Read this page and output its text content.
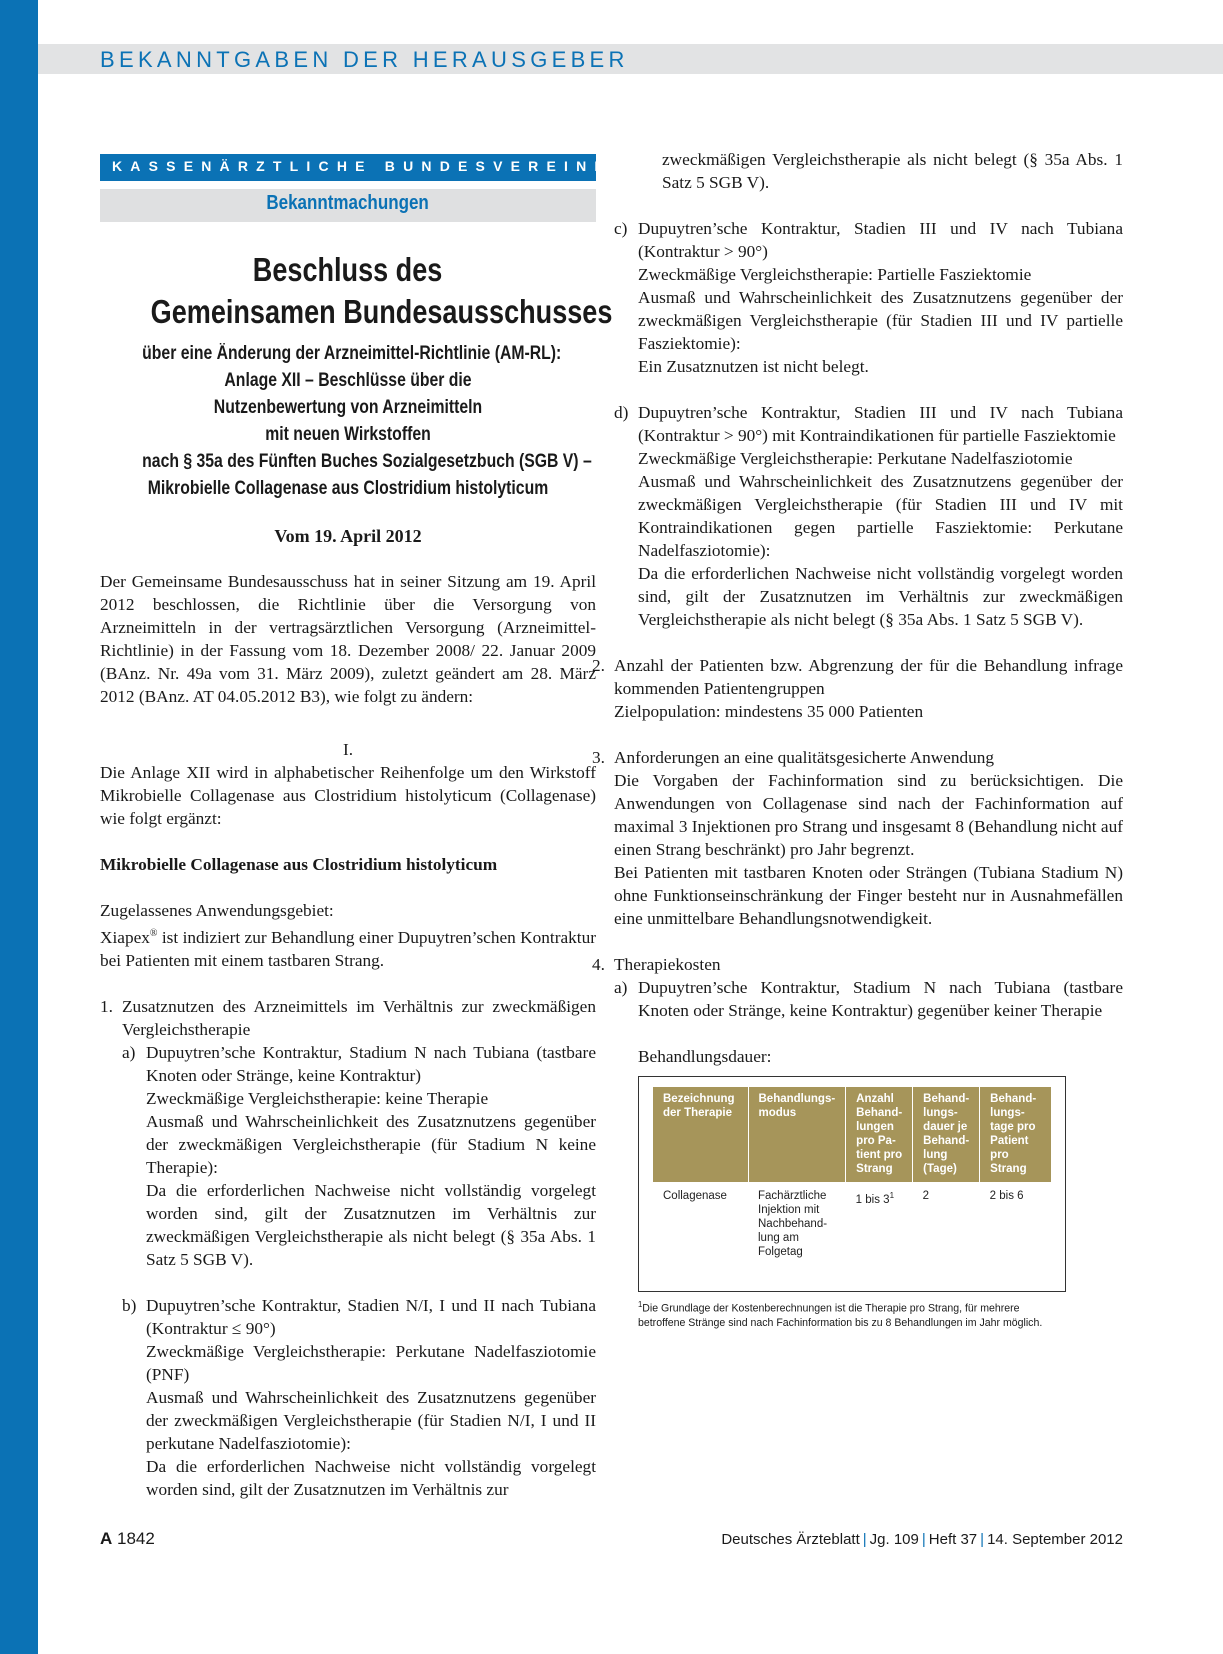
BEKANNTGABEN DER HERAUSGEBER
KASSENÄRZTLICHE BUNDESVEREINIGUNG
Bekanntmachungen
Beschluss des
Gemeinsamen Bundesausschusses
über eine Änderung der Arzneimittel-Richtlinie (AM-RL):
Anlage XII – Beschlüsse über die
Nutzenbewertung von Arzneimitteln
mit neuen Wirkstoffen
nach § 35a des Fünften Buches Sozialgesetzbuch (SGB V) –
Mikrobielle Collagenase aus Clostridium histolyticum
Vom 19. April 2012

Der Gemeinsame Bundesausschuss hat in seiner Sitzung am 19. April 2012 beschlossen, die Richtlinie über die Versorgung von Arzneimitteln in der vertragsärztlichen Versorgung (Arzneimittel-Richtlinie) in der Fassung vom 18. Dezember 2008/ 22. Januar 2009 (BAnz. Nr. 49a vom 31. März 2009), zuletzt geändert am 28. März 2012 (BAnz. AT 04.05.2012 B3), wie folgt zu ändern:

I.

Die Anlage XII wird in alphabetischer Reihenfolge um den Wirkstoff Mikrobielle Collagenase aus Clostridium histolyticum (Collagenase) wie folgt ergänzt:

Mikrobielle Collagenase aus Clostridium histolyticum

Zugelassenes Anwendungsgebiet:

Xiapex® ist indiziert zur Behandlung einer Dupuytren’schen Kontraktur bei Patienten mit einem tastbaren Strang.

1. Zusatznutzen des Arzneimittels im Verhältnis zur zweckmäßigen Vergleichstherapie
a) Dupuytren’sche Kontraktur, Stadium N nach Tubiana (tastbare Knoten oder Stränge, keine Kontraktur)
Zweckmäßige Vergleichstherapie: keine Therapie
Ausmaß und Wahrscheinlichkeit des Zusatznutzens gegenüber der zweckmäßigen Vergleichstherapie (für Stadium N keine Therapie):
Da die erforderlichen Nachweise nicht vollständig vorgelegt worden sind, gilt der Zusatznutzen im Verhältnis zur zweckmäßigen Vergleichstherapie als nicht belegt (§ 35a Abs. 1 Satz 5 SGB V).
b) Dupuytren’sche Kontraktur, Stadien N/I, I und II nach Tubiana (Kontraktur ≤ 90°)
Zweckmäßige Vergleichstherapie: Perkutane Nadelfasziotomie (PNF)
Ausmaß und Wahrscheinlichkeit des Zusatznutzens gegenüber der zweckmäßigen Vergleichstherapie (für Stadien N/I, I und II perkutane Nadelfasziotomie):
Da die erforderlichen Nachweise nicht vollständig vorgelegt worden sind, gilt der Zusatznutzen im Verhältnis zur
zweckmäßigen Vergleichstherapie als nicht belegt (§ 35a Abs. 1 Satz 5 SGB V).
c) Dupuytren’sche Kontraktur, Stadien III und IV nach Tubiana (Kontraktur > 90°)
Zweckmäßige Vergleichstherapie: Partielle Fasziektomie
Ausmaß und Wahrscheinlichkeit des Zusatznutzens gegenüber der zweckmäßigen Vergleichstherapie (für Stadien III und IV partielle Fasziektomie):
Ein Zusatznutzen ist nicht belegt.
d) Dupuytren’sche Kontraktur, Stadien III und IV nach Tubiana (Kontraktur > 90°) mit Kontraindikationen für partielle Fasziektomie
Zweckmäßige Vergleichstherapie: Perkutane Nadelfasziotomie
Ausmaß und Wahrscheinlichkeit des Zusatznutzens gegenüber der zweckmäßigen Vergleichstherapie (für Stadien III und IV mit Kontraindikationen gegen partielle Fasziektomie: Perkutane Nadelfasziotomie):
Da die erforderlichen Nachweise nicht vollständig vorgelegt worden sind, gilt der Zusatznutzen im Verhältnis zur zweckmäßigen Vergleichstherapie als nicht belegt (§ 35a Abs. 1 Satz 5 SGB V).
2. Anzahl der Patienten bzw. Abgrenzung der für die Behandlung infrage kommenden Patientengruppen
Zielpopulation: mindestens 35 000 Patienten
3. Anforderungen an eine qualitätsgesicherte Anwendung
Die Vorgaben der Fachinformation sind zu berücksichtigen. Die Anwendungen von Collagenase sind nach der Fachinformation auf maximal 3 Injektionen pro Strang und insgesamt 8 (Behandlung nicht auf einen Strang beschränkt) pro Jahr begrenzt.
Bei Patienten mit tastbaren Knoten oder Strängen (Tubiana Stadium N) ohne Funktionseinschränkung der Finger besteht nur in Ausnahmefällen eine unmittelbare Behandlungsnotwendigkeit.
4. Therapiekosten
a) Dupuytren’sche Kontraktur, Stadium N nach Tubiana (tastbare Knoten oder Stränge, keine Kontraktur) gegenüber keiner Therapie

Behandlungsdauer:

Bezeichnung der Therapie	Behandlungs-modus	Anzahl Behand-lungen pro Pa-tient pro Strang	Behand-lungs-dauer je Behand-lung (Tage)	Behand-lungs-tage pro Patient pro Strang
Collagenase	Fachärztliche Injektion mit Nachbehand-lung am Folgetag	1 bis $3^1$	2	2 bis 6
$^1$Die Grundlage der Kostenberechnungen ist die Therapie pro Strang, für mehrere betroffene Stränge sind nach Fachinformation bis zu 8 Behandlungen im Jahr möglich.
A 1842	Deutsches Ärzteblatt | Jg. 109 | Heft 37 | 14. September 2012
